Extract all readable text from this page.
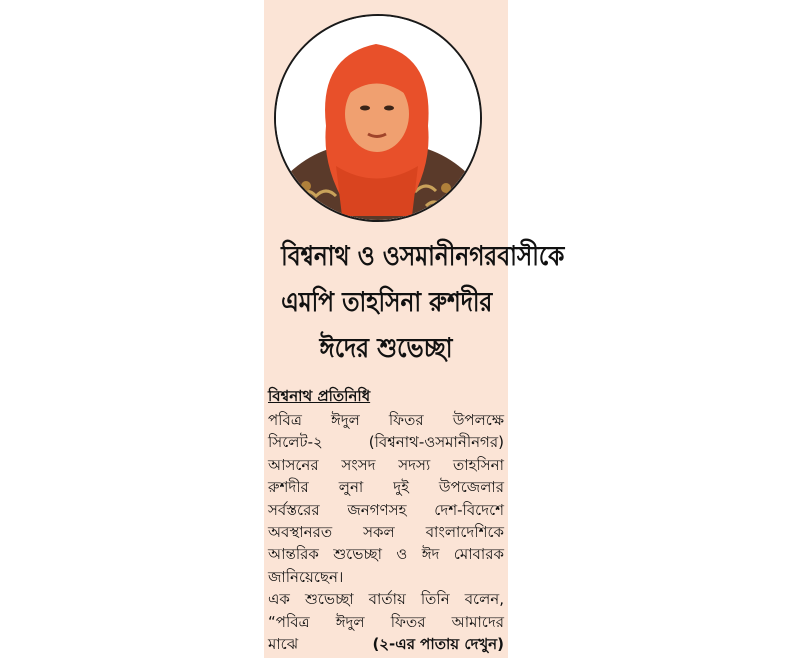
বিশ্বনাথ ও ওসমানীনগরবাসীকে
এমপি তাহসিনা রুশদীর
ঈদের শুভেচ্ছা
বিশ্বনাথ প্রতিনিধি
পবিত্র ঈদুল ফিতর উপলক্ষে
সিলেট-২	(বিশ্বনাথ-ওসমানীনগর)
আসনের সংসদ সদস্য তাহসিনা
রুশদীর লুনা দুই উপজেলার
সর্বস্তরের জনগণসহ দেশ-বিদেশে
অবস্থানরত সকল বাংলাদেশিকে
আন্তরিক শুভেচ্ছা ও ঈদ মোবারক
জানিয়েছেন।
এক শুভেচ্ছা বার্তায় তিনি বলেন,
“পবিত্র ঈদুল ফিতর আমাদের
মাঝে	(২-এর পাতায় দেখুন)
